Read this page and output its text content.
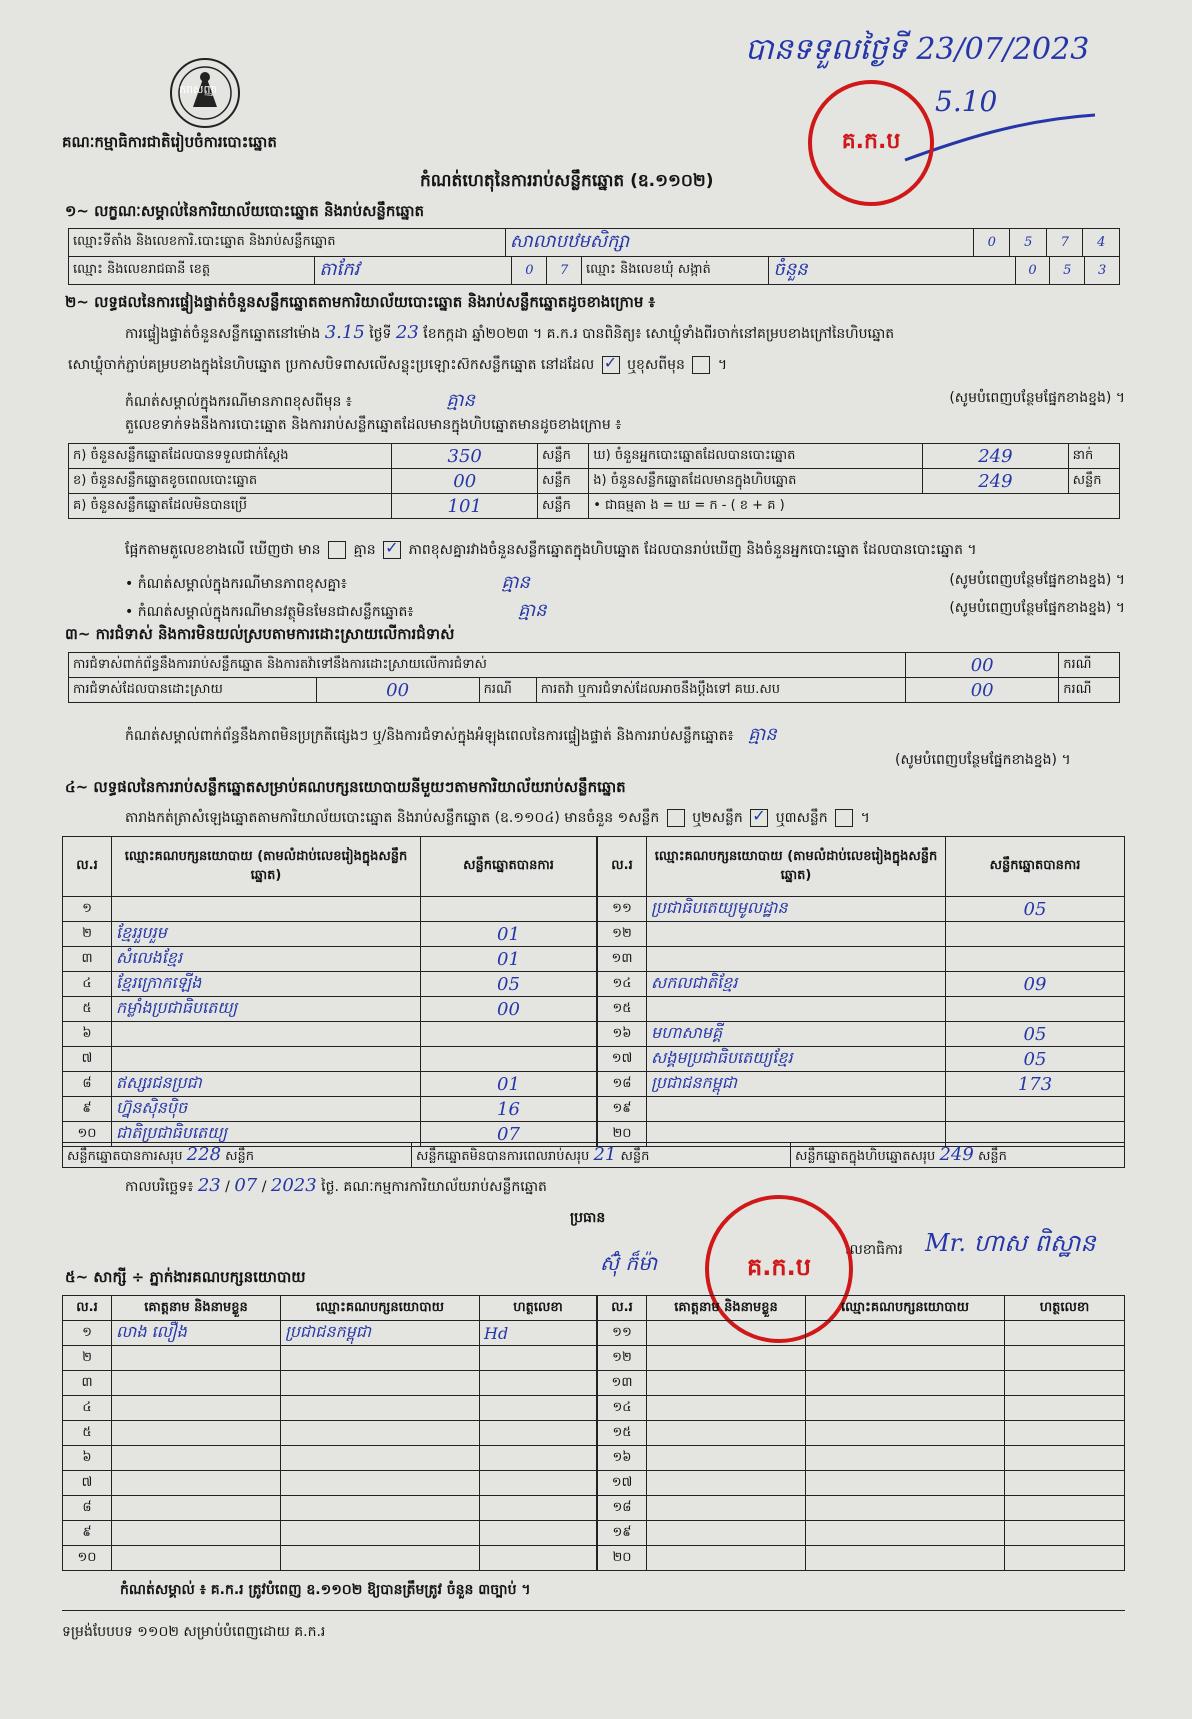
តរាសញ្ញា
គណៈកម្មាធិការជាតិរៀបចំការបោះឆ្នោត
កំណត់ហេតុនៃការរាប់សន្លឹកឆ្នោត (ឧ.១១០២)
បានទទួលថ្ងៃទី 23/07/2023
5.10
គ.ក.ប
១~ លក្ខណៈសម្គាល់នៃការិយាល័យបោះឆ្នោត និងរាប់សន្លឹកឆ្នោត
ឈ្មោះទីតាំង និងលេខការិ.បោះឆ្នោត និងរាប់សន្លឹកឆ្នោត	សាលាបឋមសិក្សា	0	5	7	4
ឈ្មោះ និងលេខរាជធានី ខេត្ត	តាកែវ	0	7	ឈ្មោះ និងលេខឃុំ សង្កាត់	ចំនួន	0	5	3
២~ លទ្ធផលនៃការផ្ទៀងផ្ទាត់ចំនួនសន្លឹកឆ្នោតតាមការិយាល័យបោះឆ្នោត និងរាប់សន្លឹកឆ្នោតដូចខាងក្រោម ៖
ការផ្ទៀងផ្ទាត់ចំនួនសន្លឹកឆ្នោតនៅម៉ោង 3.15 ថ្ងៃទី 23 ខែកក្កដា ឆ្នាំ២០២៣ ។ គ.ក.រ បានពិនិត្យ៖ សោឃ្លុំទាំងពីរចាក់នៅគម្របខាងក្រៅនៃហិបឆ្នោត
សោឃ្លុំចាក់ភ្ជាប់គម្របខាងក្នុងនៃហិបឆ្នោត ប្រកាសបិទពាសលើសន្លុះប្រឡោះស៊កសន្លឹកឆ្នោត នៅដដែល ✓ ឬខុសពីមុន  ។
កំណត់សម្គាល់ក្នុងករណីមានភាពខុសពីមុន ៖	គ្មាន	(សូមបំពេញបន្ថែមផ្នែកខាងខ្នង) ។
តួលេខទាក់ទងនឹងការបោះឆ្នោត និងការរាប់សន្លឹកឆ្នោតដែលមានក្នុងហិបឆ្នោតមានដូចខាងក្រោម ៖
ក) ចំនួនសន្លឹកឆ្នោតដែលបានទទួលជាក់ស្តែង	350	សន្លឹក	ឃ) ចំនួនអ្នកបោះឆ្នោតដែលបានបោះឆ្នោត	249	នាក់
ខ) ចំនួនសន្លឹកឆ្នោតខូចពេលបោះឆ្នោត	00	សន្លឹក	ង) ចំនួនសន្លឹកឆ្នោតដែលមានក្នុងហិបឆ្នោត	249	សន្លឹក
គ) ចំនួនសន្លឹកឆ្នោតដែលមិនបានប្រើ	101	សន្លឹក	• ជាធម្មតា ង = ឃ = ក - ( ខ + គ )		
ផ្អែកតាមតួលេខខាងលើ ឃើញថា មាន គ្មាន ✓ ភាពខុសគ្នារវាងចំនួនសន្លឹកឆ្នោតក្នុងហិបឆ្នោត ដែលបានរាប់ឃើញ និងចំនួនអ្នកបោះឆ្នោត ដែលបានបោះឆ្នោត ។
• កំណត់សម្គាល់ក្នុងករណីមានភាពខុសគ្នា៖	គ្មាន	(សូមបំពេញបន្ថែមផ្នែកខាងខ្នង) ។
• កំណត់សម្គាល់ក្នុងករណីមានវត្ថុមិនមែនជាសន្លឹកឆ្នោត៖	គ្មាន	(សូមបំពេញបន្ថែមផ្នែកខាងខ្នង) ។
៣~ ការជំទាស់ និងការមិនយល់ស្របតាមការដោះស្រាយលើការជំទាស់
ការជំទាស់ពាក់ព័ន្ធនឹងការរាប់សន្លឹកឆ្នោត និងការតវ៉ាទៅនឹងការដោះស្រាយលើការជំទាស់				00	ករណី
ការជំទាស់ដែលបានដោះស្រាយ	00	ករណី	ការតវ៉ា ឬការជំទាស់ដែលអាចនឹងប្តឹងទៅ គឃ.សប	00	ករណី
កំណត់សម្គាល់ពាក់ព័ន្ធនឹងភាពមិនប្រក្រតីផ្សេងៗ ឬ/និងការជំទាស់ក្នុងអំឡុងពេលនៃការផ្ទៀងផ្ទាត់ និងការរាប់សន្លឹកឆ្នោត៖ គ្មាន
(សូមបំពេញបន្ថែមផ្នែកខាងខ្នង) ។
៤~ លទ្ធផលនៃការរាប់សន្លឹកឆ្នោតសម្រាប់គណបក្សនយោបាយនីមួយៗតាមការិយាល័យរាប់សន្លឹកឆ្នោត
តារាងកត់ត្រាសំឡេងឆ្នោតតាមការិយាល័យបោះឆ្នោត និងរាប់សន្លឹកឆ្នោត (ឧ.១១០៤) មានចំនួន ១សន្លឹក ឬ២សន្លឹក ✓ ឬ៣សន្លឹក  ។
ល.រ	ឈ្មោះគណបក្សនយោបាយ (តាមលំដាប់លេខរៀងក្នុងសន្លឹកឆ្នោត)	សន្លឹកឆ្នោតបានការ
១		
២	ខ្មែររួបរួម	01
៣	សំលេងខ្មែរ	01
៤	ខ្មែរក្រោកឡើង	05
៥	កម្លាំងប្រជាធិបតេយ្យ	00
៦		
៧		
៨	ឥស្សរជនប្រជា	01
៩	ហ្វ៊ុនស៊ិនប៉ិច	16
១០	ជាតិប្រជាធិបតេយ្យ	07
ល.រ	ឈ្មោះគណបក្សនយោបាយ (តាមលំដាប់លេខរៀងក្នុងសន្លឹកឆ្នោត)	សន្លឹកឆ្នោតបានការ
១១	ប្រជាធិបតេយ្យមូលដ្ឋាន	05
១២		
១៣		
១៤	សកលជាតិខ្មែរ	09
១៥		
១៦	មហាសាមគ្គី	05
១៧	សង្គមប្រជាធិបតេយ្យខ្មែរ	05
១៨	ប្រជាជនកម្ពុជា	173
១៩		
២០		
សន្លឹកឆ្នោតបានការសរុប 228 សន្លឹក	សន្លឹកឆ្នោតមិនបានការពេលរាប់សរុប 21 សន្លឹក	សន្លឹកឆ្នោតក្នុងហិបឆ្នោតសរុប 249 សន្លឹក
កាលបរិច្ឆេទ៖ 23 / 07 / 2023 ថ្ងៃ. គណៈកម្មការការិយាល័យរាប់សន្លឹកឆ្នោត
ប្រធាន
ស៊ុំ ក៏ម៉ា
លេខាធិការ Mr. ហាស ពិស្ឋាន
គ.ក.ប
៥~ សាក្សី ÷ ភ្នាក់ងារគណបក្សនយោបាយ
ល.រ	គោត្តនាម និងនាមខ្លួន	ឈ្មោះគណបក្សនយោបាយ	ហត្ថលេខា
១	លាង លឿង	ប្រជាជនកម្ពុជា	Hd
២			
៣			
៤			
៥			
៦			
៧			
៨			
៩			
១០			
ល.រ	គោត្តនាម និងនាមខ្លួន	ឈ្មោះគណបក្សនយោបាយ	ហត្ថលេខា
១១			
១២			
១៣			
១៤			
១៥			
១៦			
១៧			
១៨			
១៩			
២០			
កំណត់សម្គាល់ ៖ គ.ក.រ ត្រូវបំពេញ ឧ.១១០២ ឱ្យបានត្រឹមត្រូវ ចំនួន ៣ច្បាប់ ។
ទម្រង់បែបបទ ១១០២ សម្រាប់បំពេញដោយ គ.ក.រ
